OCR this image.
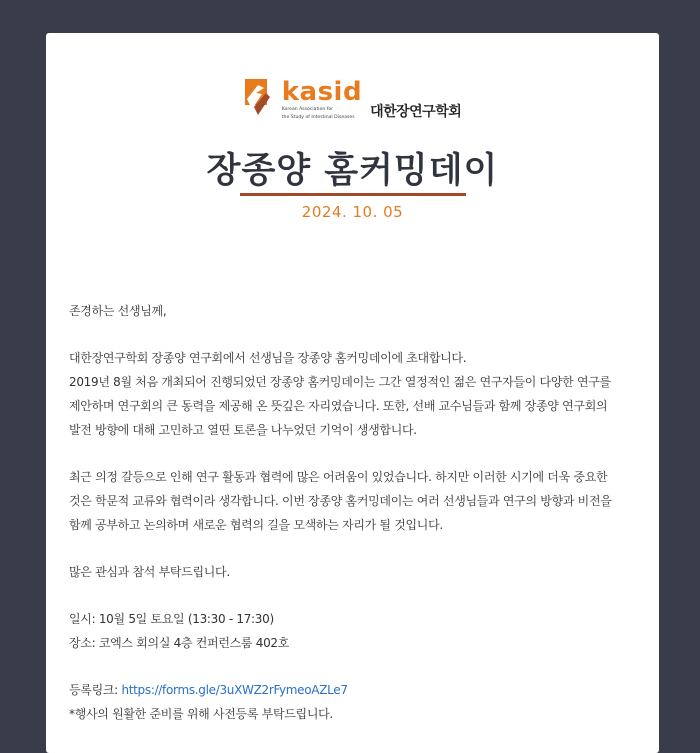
kasid
Korean Association for
the Study of Intestinal Diseases	대한장연구학회
장종양 홈커밍데이
2024. 10. 05

존경하는 선생님께,

대한장연구학회 장종양 연구회에서 선생님을 장종양 홈커밍데이에 초대합니다.

2019년 8월 처음 개최되어 진행되었던 장종양 홈커밍데이는 그간 열정적인 젊은 연구자들이 다양한 연구를

제안하며 연구회의 큰 동력을 제공해 온 뜻깊은 자리였습니다. 또한, 선배 교수님들과 함께 장종양 연구회의

발전 방향에 대해 고민하고 열띤 토론을 나누었던 기억이 생생합니다.

최근 의정 갈등으로 인해 연구 활동과 협력에 많은 어려움이 있었습니다. 하지만 이러한 시기에 더욱 중요한

것은 학문적 교류와 협력이라 생각합니다. 이번 장종양 홈커밍데이는 여러 선생님들과 연구의 방향과 비전을

함께 공부하고 논의하며 새로운 협력의 길을 모색하는 자리가 될 것입니다.

많은 관심과 참석 부탁드립니다.

일시: 10월 5일 토요일 (13:30 - 17:30)

장소: 코엑스 회의실 4층 컨퍼런스룸 402호

등록링크: https://forms.gle/3uXWZ2rFymeoAZLe7

*행사의 원활한 준비를 위해 사전등록 부탁드립니다.
